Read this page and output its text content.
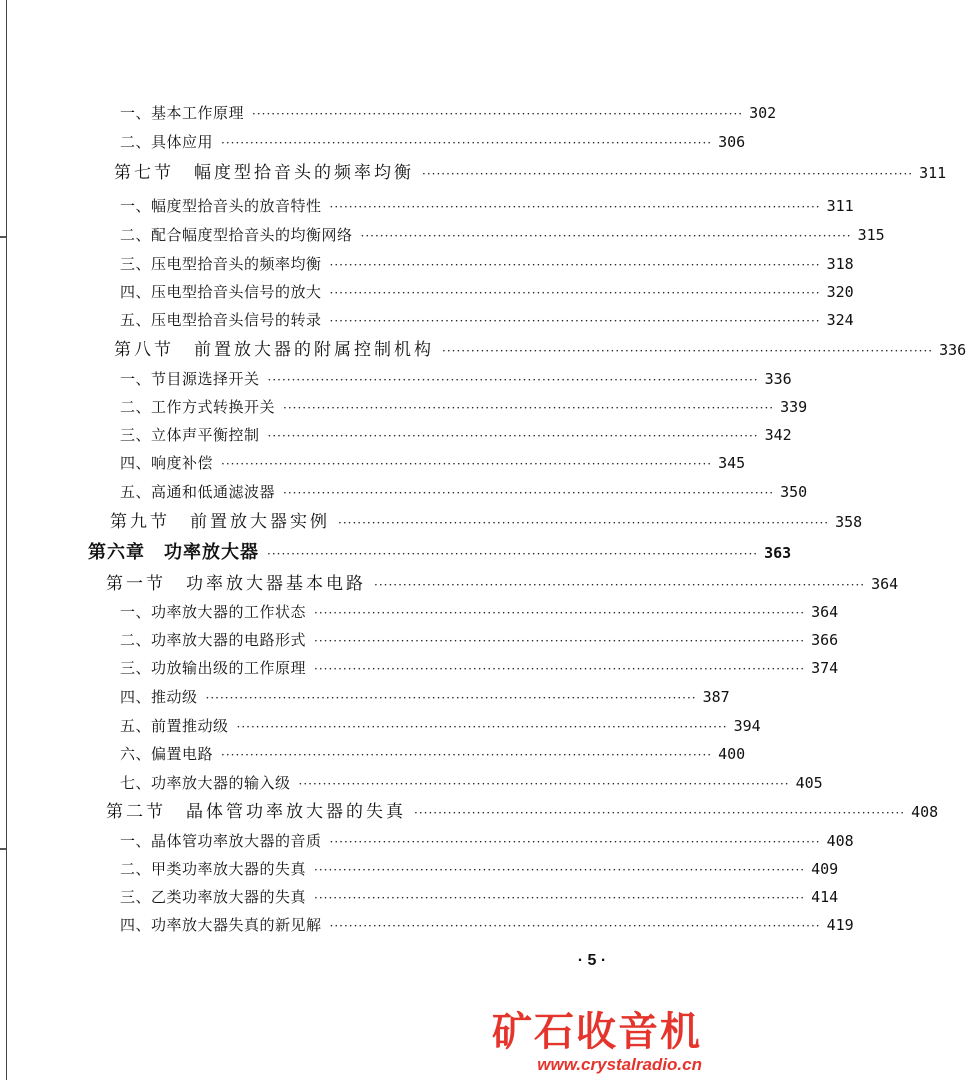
一、基本工作原理 ······································································································ 302
二、具体应用 ······································································································ 306
第七节　幅度型拾音头的频率均衡 ······································································································ 311
一、幅度型拾音头的放音特性 ······································································································ 311
二、配合幅度型拾音头的均衡网络 ······································································································ 315
三、压电型拾音头的频率均衡 ······································································································ 318
四、压电型拾音头信号的放大 ······································································································ 320
五、压电型拾音头信号的转录 ······································································································ 324
第八节　前置放大器的附属控制机构 ······································································································ 336
一、节目源选择开关 ······································································································ 336
二、工作方式转换开关 ······································································································ 339
三、立体声平衡控制 ······································································································ 342
四、响度补偿 ······································································································ 345
五、高通和低通滤波器 ······································································································ 350
第九节　前置放大器实例 ······································································································ 358
第六章　功率放大器 ······································································································ 363
第一节　功率放大器基本电路 ······································································································ 364
一、功率放大器的工作状态 ······································································································ 364
二、功率放大器的电路形式 ······································································································ 366
三、功放输出级的工作原理 ······································································································ 374
四、推动级 ······································································································ 387
五、前置推动级 ······································································································ 394
六、偏置电路 ······································································································ 400
七、功率放大器的输入级 ······································································································ 405
第二节　晶体管功率放大器的失真 ······································································································ 408
一、晶体管功率放大器的音质 ······································································································ 408
二、甲类功率放大器的失真 ······································································································ 409
三、乙类功率放大器的失真 ······································································································ 414
四、功率放大器失真的新见解 ······································································································ 419
· 5 ·
矿石收音机
www.crystalradio.cn
